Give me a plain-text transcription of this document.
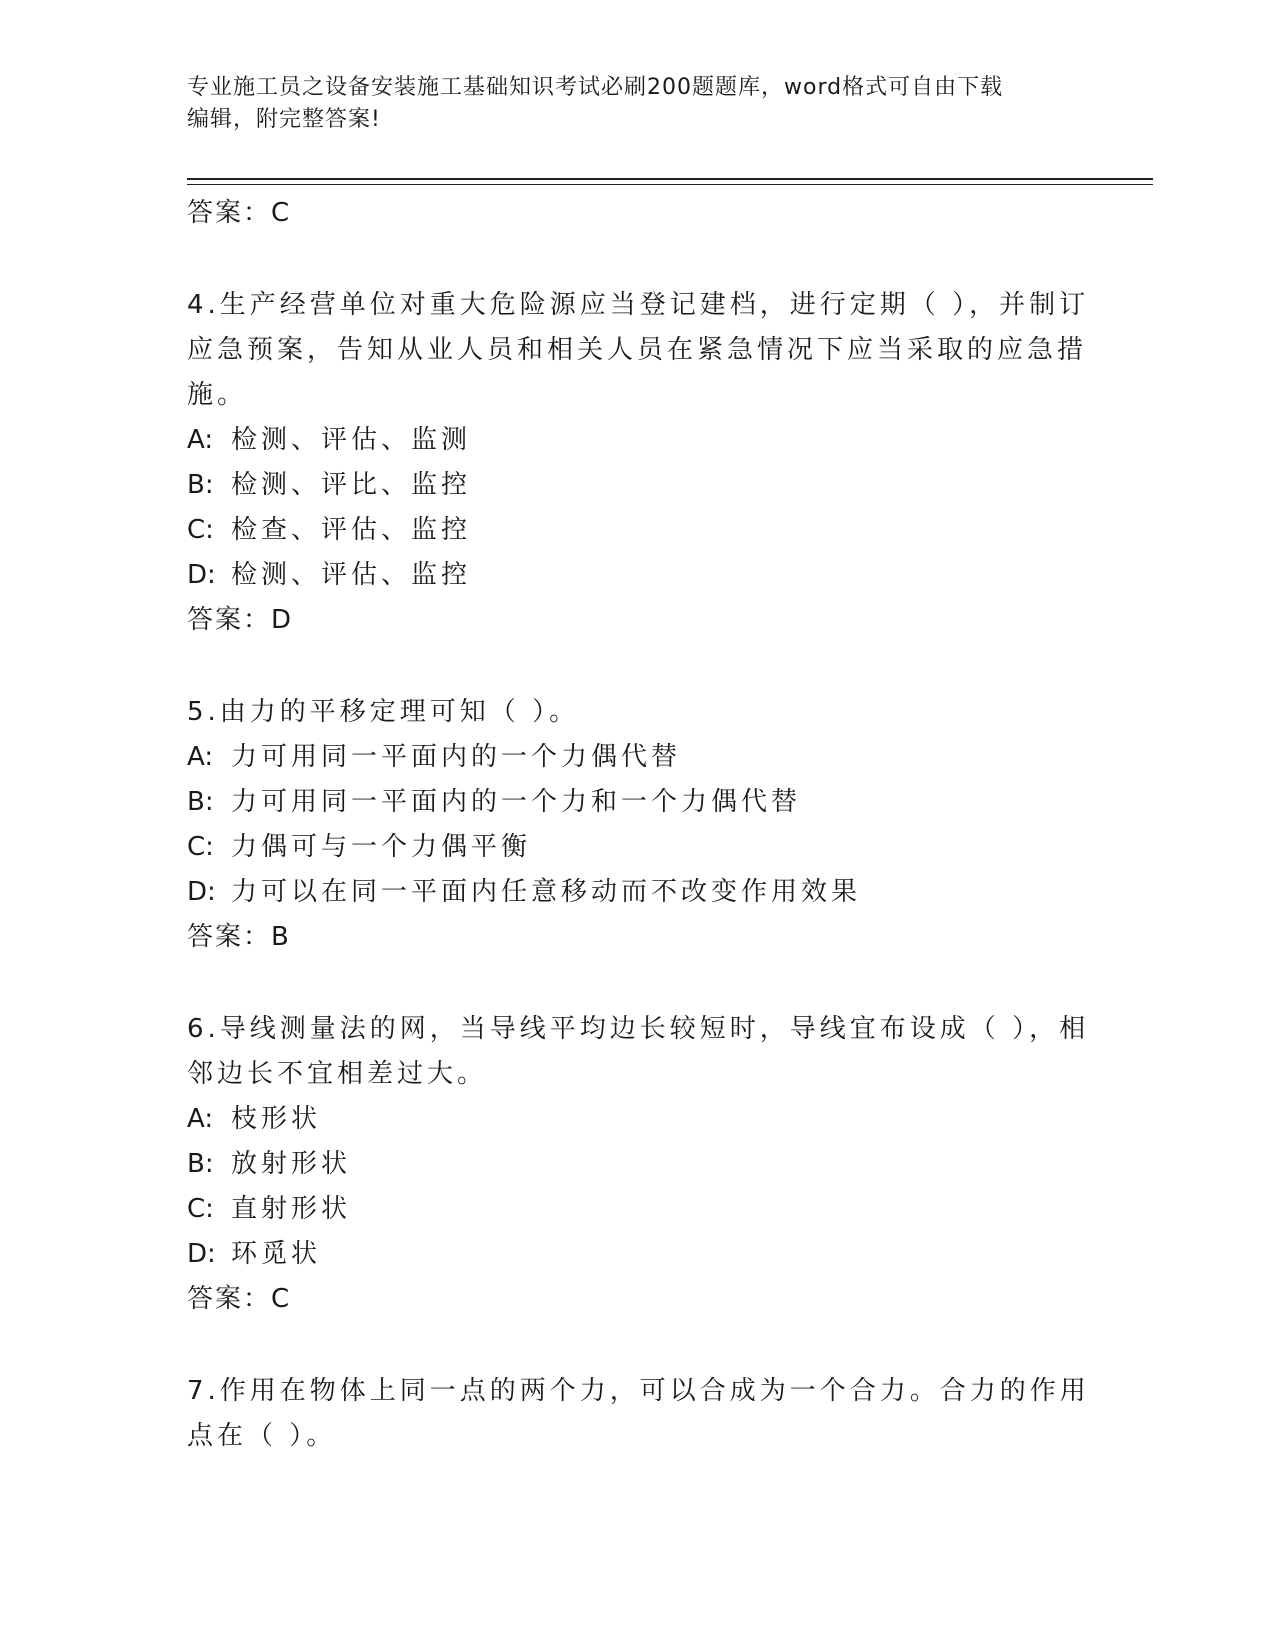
专业施工员之设备安装施工基础知识考试必刷200题题库，word格式可自由下载
编辑，附完整答案!
答案：C
4.生产经营单位对重大危险源应当登记建档，进行定期（ ），并制订
应急预案，告知从业人员和相关人员在紧急情况下应当采取的应急措
施。
A: 检测、评估、监测
B: 检测、评比、监控
C: 检查、评估、监控
D: 检测、评估、监控
答案：D
5.由力的平移定理可知（ ）。
A: 力可用同一平面内的一个力偶代替
B: 力可用同一平面内的一个力和一个力偶代替
C: 力偶可与一个力偶平衡
D: 力可以在同一平面内任意移动而不改变作用效果
答案：B
6.导线测量法的网，当导线平均边长较短时，导线宜布设成（ ），相
邻边长不宜相差过大。
A: 枝形状
B: 放射形状
C: 直射形状
D: 环觅状
答案：C
7.作用在物体上同一点的两个力，可以合成为一个合力。合力的作用
点在（ ）。
